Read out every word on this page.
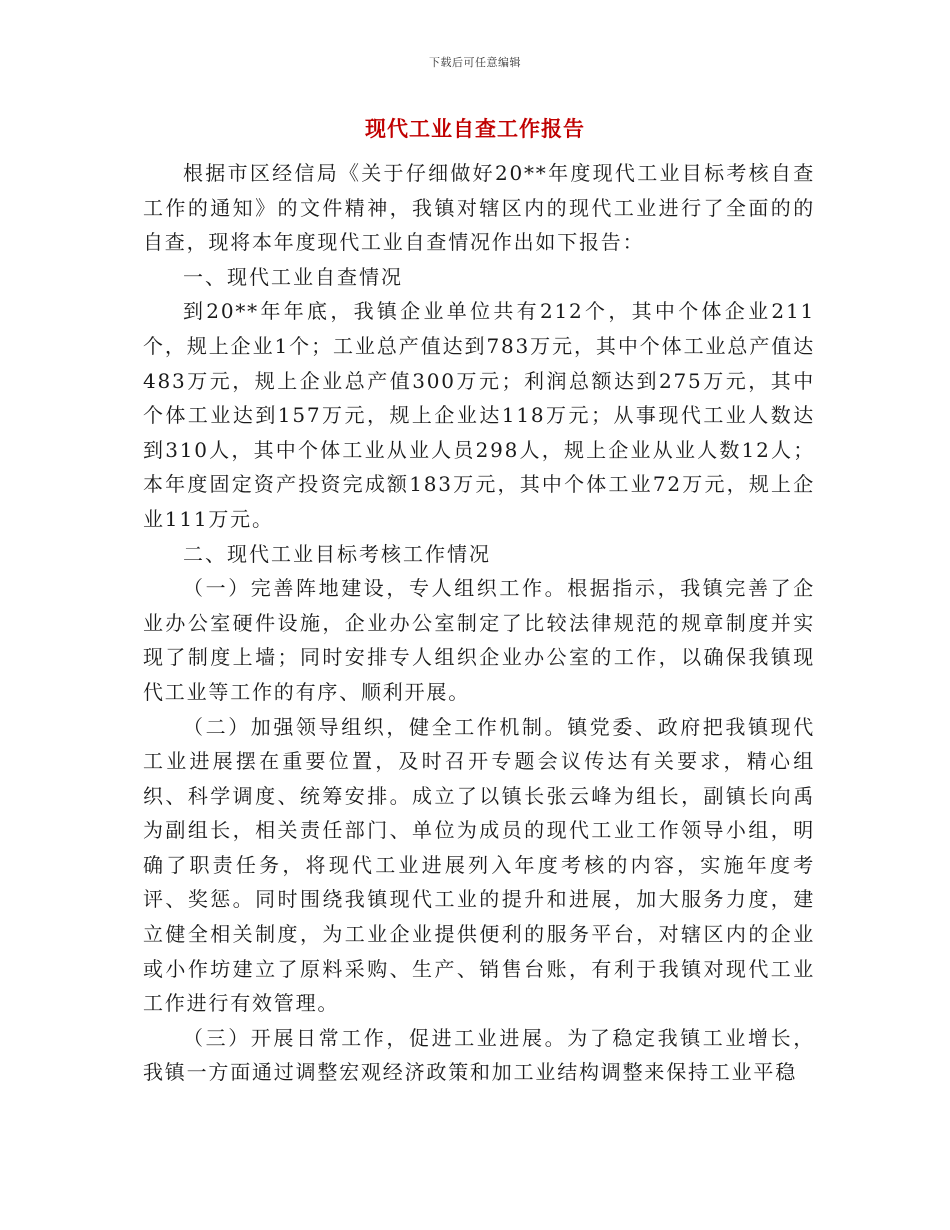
下载后可任意编辑
现代工业自查工作报告

根据市区经信局《关于仔细做好20**年度现代工业目标考核自查工作的通知》的文件精神，我镇对辖区内的现代工业进行了全面的的自查，现将本年度现代工业自查情况作出如下报告：

一、现代工业自查情况

到20**年年底，我镇企业单位共有212个，其中个体企业211个，规上企业1个；工业总产值达到783万元，其中个体工业总产值达483万元，规上企业总产值300万元；利润总额达到275万元，其中个体工业达到157万元，规上企业达118万元；从事现代工业人数达到310人，其中个体工业从业人员298人，规上企业从业人数12人；本年度固定资产投资完成额183万元，其中个体工业72万元，规上企业111万元。

二、现代工业目标考核工作情况

（一）完善阵地建设，专人组织工作。根据指示，我镇完善了企业办公室硬件设施，企业办公室制定了比较法律规范的规章制度并实现了制度上墙；同时安排专人组织企业办公室的工作，以确保我镇现代工业等工作的有序、顺利开展。

（二）加强领导组织，健全工作机制。镇党委、政府把我镇现代工业进展摆在重要位置，及时召开专题会议传达有关要求，精心组织、科学调度、统筹安排。成立了以镇长张云峰为组长，副镇长向禹为副组长，相关责任部门、单位为成员的现代工业工作领导小组，明确了职责任务，将现代工业进展列入年度考核的内容，实施年度考评、奖惩。同时围绕我镇现代工业的提升和进展，加大服务力度，建立健全相关制度，为工业企业提供便利的服务平台，对辖区内的企业或小作坊建立了原料采购、生产、销售台账，有利于我镇对现代工业工作进行有效管理。

（三）开展日常工作，促进工业进展。为了稳定我镇工业增长，我镇一方面通过调整宏观经济政策和加工业结构调整来保持工业平稳
